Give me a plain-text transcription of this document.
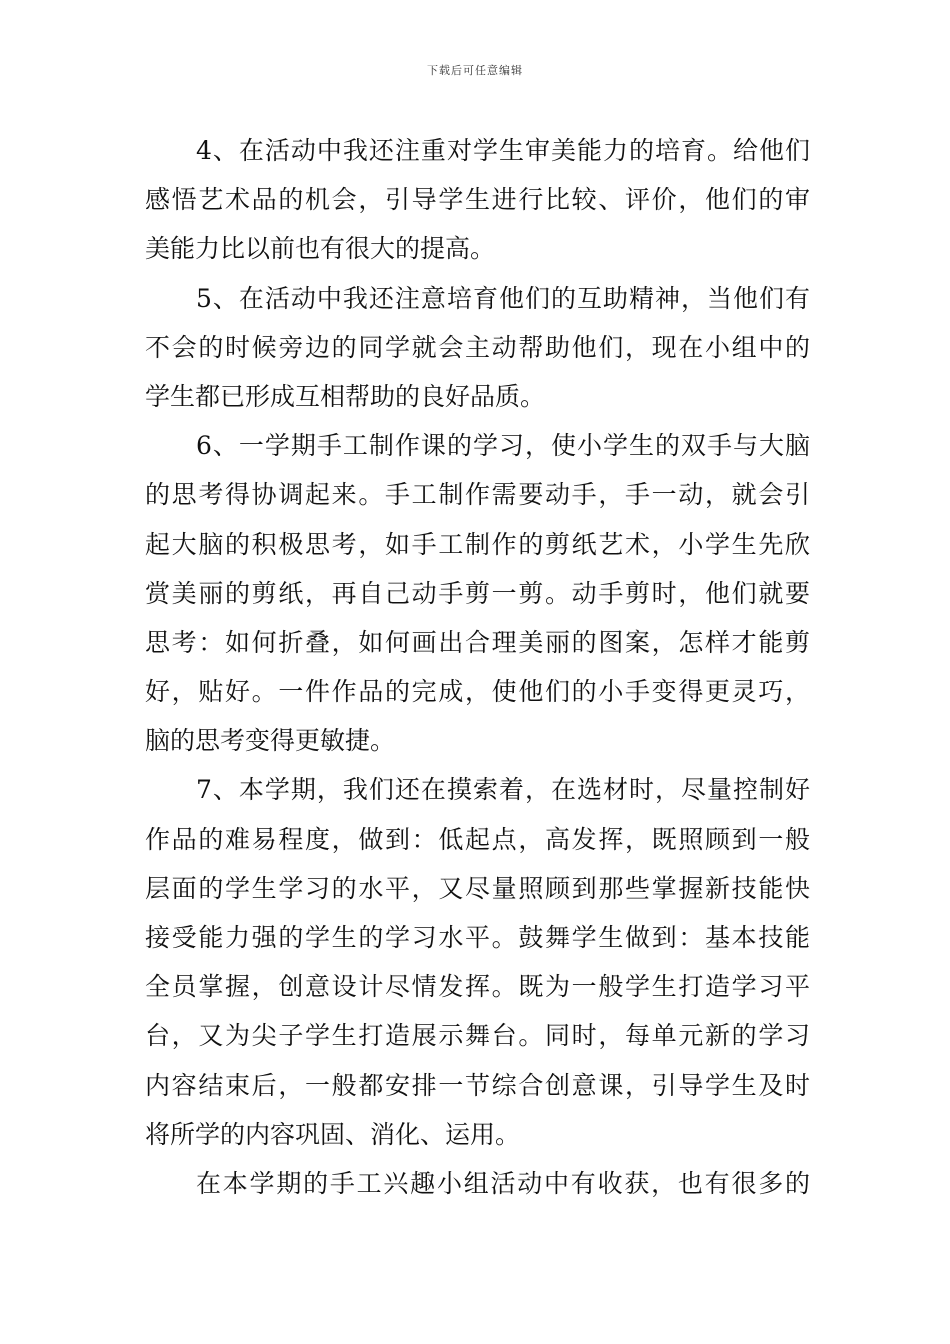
下载后可任意编辑
4、在活动中我还注重对学生审美能力的培育。给他们
感悟艺术品的机会，引导学生进行比较、评价，他们的审
美能力比以前也有很大的提高。
5、在活动中我还注意培育他们的互助精神，当他们有
不会的时候旁边的同学就会主动帮助他们，现在小组中的
学生都已形成互相帮助的良好品质。
6、一学期手工制作课的学习，使小学生的双手与大脑
的思考得协调起来。手工制作需要动手，手一动，就会引
起大脑的积极思考，如手工制作的剪纸艺术，小学生先欣
赏美丽的剪纸，再自己动手剪一剪。动手剪时，他们就要
思考：如何折叠，如何画出合理美丽的图案，怎样才能剪
好，贴好。一件作品的完成，使他们的小手变得更灵巧，
脑的思考变得更敏捷。
7、本学期，我们还在摸索着，在选材时，尽量控制好
作品的难易程度，做到：低起点，高发挥，既照顾到一般
层面的学生学习的水平，又尽量照顾到那些掌握新技能快
接受能力强的学生的学习水平。鼓舞学生做到：基本技能
全员掌握，创意设计尽情发挥。既为一般学生打造学习平
台，又为尖子学生打造展示舞台。同时，每单元新的学习
内容结束后，一般都安排一节综合创意课，引导学生及时
将所学的内容巩固、消化、运用。
在本学期的手工兴趣小组活动中有收获，也有很多的
